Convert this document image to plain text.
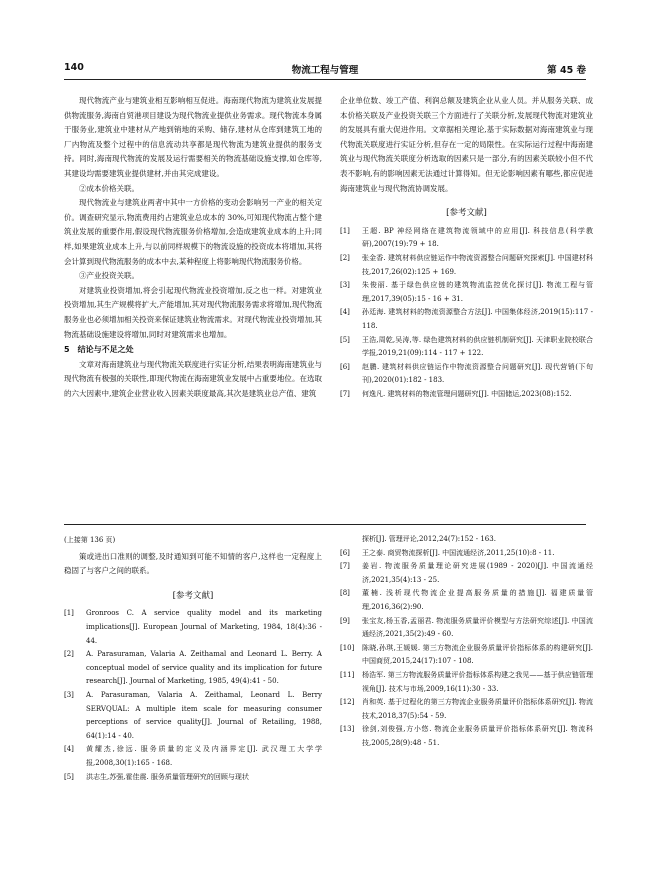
140	物流工程与管理	第 45 卷

现代物流产业与建筑业相互影响相互促进。海南现代物流为建筑业发展提供物流服务,海南自贸港项目建设为现代物流业提供业务需求。现代物流本身属于服务业,建筑业中建材从产地到销地的采购、储存,建材从仓库到建筑工地的厂内物流及整个过程中的信息流动共享都是现代物流为建筑业提供的服务支持。同时,海南现代物流的发展及运行需要相关的物流基础设施支撑,如仓库等,其建设均需要建筑业提供建材,并由其完成建设。

②成本价格关联。

现代物流业与建筑业两者中其中一方价格的变动会影响另一产业的相关定价。调查研究显示,物流费用约占建筑业总成本的 30%,可知现代物流占整个建筑业发展的重要作用,假设现代物流服务价格增加,会造成建筑业成本的上升;同样,如果建筑业成本上升,与以前同样规模下的物流设施的投资成本将增加,其将会计算到现代物流服务的成本中去,某种程度上将影响现代物流服务价格。

③产业投资关联。

对建筑业投资增加,将会引起现代物流业投资增加,反之也一样。对建筑业投资增加,其生产规模将扩大,产能增加,其对现代物流服务需求将增加,现代物流服务业也必须增加相关投资来保证建筑业物流需求。对现代物流业投资增加,其物流基础设施建设将增加,同时对建筑需求也增加。

5 结论与不足之处

文章对海南建筑业与现代物流关联度进行实证分析,结果表明海南建筑业与现代物流有极强的关联性,即现代物流在海南建筑业发展中占重要地位。在选取的六大因素中,建筑企业营业收入因素关联度最高,其次是建筑业总产值、建筑

企业单位数、竣工产值、利润总额及建筑企业从业人员。并从服务关联、成本价格关联及产业投资关联三个方面进行了关联分析,发展现代物流对建筑业的发展具有重大促进作用。文章据相关理论,基于实际数据对海南建筑业与现代物流关联度进行实证分析,但存在一定的局限性。在实际运行过程中海南建筑业与现代物流关联度分析选取的因素只是一部分,有的因素关联较小但不代表不影响,有的影响因素无法通过计算得知。但无论影响因素有哪些,都应促进海南建筑业与现代物流协调发展。

[参考文献]
[1] 王超. BP 神经网络在建筑物流领域中的应用[J]. 科技信息(科学教研),2007(19):79 + 18.
[2] 张金香. 建筑材料供应链运作中物流资源整合问题研究探索[J]. 中国建材科技,2017,26(02):125 + 169.
[3] 朱俊丽. 基于绿色供应链的建筑物流监控优化探讨[J]. 物流工程与管理,2017,39(05):15 - 16 + 31.
[4] 孙廷海. 建筑材料的物流资源整合方法[J]. 中国集体经济,2019(15):117 - 118.
[5] 王浩,周乾,吴涛,等. 绿色建筑材料的供应链机制研究[J]. 天津职业院校联合学报,2019,21(09):114 - 117 + 122.
[6] 赵鹏. 建筑材料供应链运作中物流资源整合问题研究[J]. 现代营销(下旬刊),2020(01):182 - 183.
[7] 何逸凡. 建筑材料的物流管理问题研究[J]. 中国储运,2023(08):152.
(上接第 136 页)

策或进出口准则的调整,及时通知到可能不知情的客户,这样也一定程度上稳固了与客户之间的联系。

[参考文献]
[1] Gronroos C. A service quality model and its marketing implications[J]. European Journal of Marketing, 1984, 18(4):36 - 44.
[2] A. Parasuraman, Valaria A. Zeithamal and Leonard L. Berry. A conceptual model of service quality and its implication for future research[J]. Journal of Marketing, 1985, 49(4):41 - 50.
[3] A. Parasuraman, Valaria A. Zeithamal, Leonard L. Berry SERVQUAL: A multiple item scale for measuring consumer perceptions of service quality[J]. Journal of Retailing, 1988, 64(1):14 - 40.
[4] 黄耀杰,徐远. 服务质量的定义及内涵界定[J]. 武汉理工大学学报,2008,30(1):165 - 168.
[5] 洪志生,苏强,霍佳震. 服务质量管理研究的回顾与现状
探析[J]. 管理评论,2012,24(7):152 - 163.
[6] 王之泰. 商贸物流探析[J]. 中国流通经济,2011,25(10):8 - 11.
[7] 姜岩. 物流服务质量理论研究进展(1989 - 2020)[J]. 中国流通经济,2021,35(4):13 - 25.
[8] 董楠. 浅析现代物流企业提高服务质量的措施[J]. 福建质量管理,2016,36(2):90.
[9] 张宝友,杨玉香,孟丽君. 物流服务质量评价模型与方法研究综述[J]. 中国流通经济,2021,35(2):49 - 60.
[10] 陈晓,孙琪,王媛媛. 第三方物流企业服务质量评价指标体系的构建研究[J]. 中国商贸,2015,24(17):107 - 108.
[11] 杨浩军. 第三方物流服务质量评价指标体系构建之我见——基于供应链管理视角[J]. 技术与市场,2009,16(11):30 - 33.
[12] 肖和英. 基于过程化的第三方物流企业服务质量评价指标体系研究[J]. 物流技术,2018,37(5):54 - 59.
[13] 徐剑,刘俊强,方小悠. 物流企业服务质量评价指标体系研究[J]. 物流科技,2005,28(9):48 - 51.
